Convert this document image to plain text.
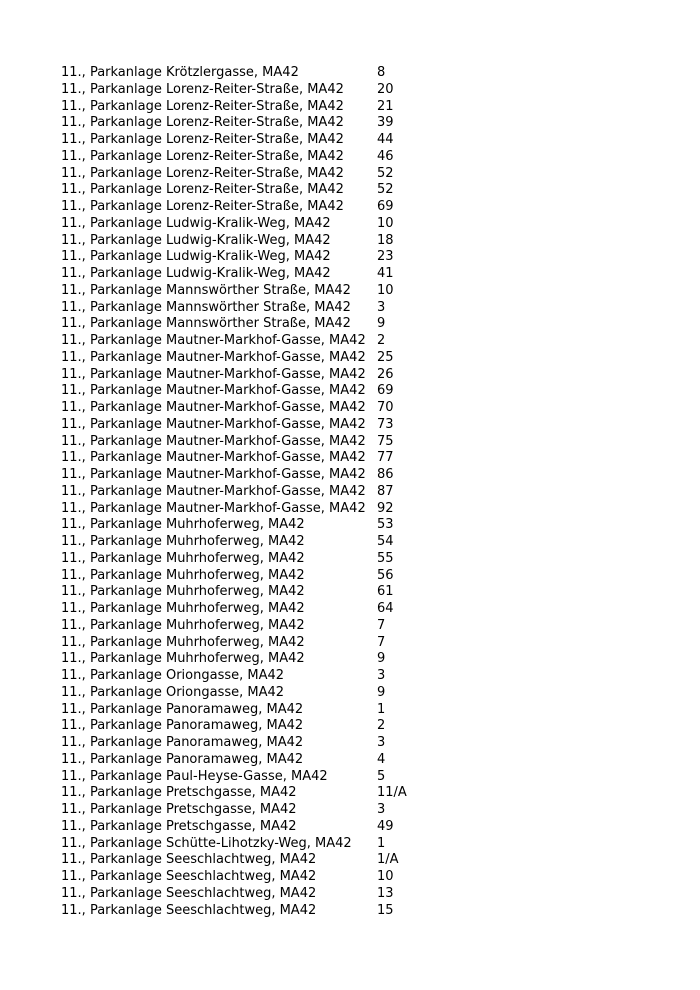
11., Parkanlage Krötzlergasse, MA42	8
11., Parkanlage Lorenz-Reiter-Straße, MA42	20
11., Parkanlage Lorenz-Reiter-Straße, MA42	21
11., Parkanlage Lorenz-Reiter-Straße, MA42	39
11., Parkanlage Lorenz-Reiter-Straße, MA42	44
11., Parkanlage Lorenz-Reiter-Straße, MA42	46
11., Parkanlage Lorenz-Reiter-Straße, MA42	52
11., Parkanlage Lorenz-Reiter-Straße, MA42	52
11., Parkanlage Lorenz-Reiter-Straße, MA42	69
11., Parkanlage Ludwig-Kralik-Weg, MA42	10
11., Parkanlage Ludwig-Kralik-Weg, MA42	18
11., Parkanlage Ludwig-Kralik-Weg, MA42	23
11., Parkanlage Ludwig-Kralik-Weg, MA42	41
11., Parkanlage Mannswörther Straße, MA42	10
11., Parkanlage Mannswörther Straße, MA42	3
11., Parkanlage Mannswörther Straße, MA42	9
11., Parkanlage Mautner-Markhof-Gasse, MA42 2
11., Parkanlage Mautner-Markhof-Gasse, MA42 25
11., Parkanlage Mautner-Markhof-Gasse, MA42 26
11., Parkanlage Mautner-Markhof-Gasse, MA42 69
11., Parkanlage Mautner-Markhof-Gasse, MA42 70
11., Parkanlage Mautner-Markhof-Gasse, MA42 73
11., Parkanlage Mautner-Markhof-Gasse, MA42 75
11., Parkanlage Mautner-Markhof-Gasse, MA42 77
11., Parkanlage Mautner-Markhof-Gasse, MA42 86
11., Parkanlage Mautner-Markhof-Gasse, MA42 87
11., Parkanlage Mautner-Markhof-Gasse, MA42 92
11., Parkanlage Muhrhoferweg, MA42	53
11., Parkanlage Muhrhoferweg, MA42	54
11., Parkanlage Muhrhoferweg, MA42	55
11., Parkanlage Muhrhoferweg, MA42	56
11., Parkanlage Muhrhoferweg, MA42	61
11., Parkanlage Muhrhoferweg, MA42	64
11., Parkanlage Muhrhoferweg, MA42	7
11., Parkanlage Muhrhoferweg, MA42	7
11., Parkanlage Muhrhoferweg, MA42	9
11., Parkanlage Oriongasse, MA42	3
11., Parkanlage Oriongasse, MA42	9
11., Parkanlage Panoramaweg, MA42	1
11., Parkanlage Panoramaweg, MA42	2
11., Parkanlage Panoramaweg, MA42	3
11., Parkanlage Panoramaweg, MA42	4
11., Parkanlage Paul-Heyse-Gasse, MA42	5
11., Parkanlage Pretschgasse, MA42	11/A
11., Parkanlage Pretschgasse, MA42	3
11., Parkanlage Pretschgasse, MA42	49
11., Parkanlage Schütte-Lihotzky-Weg, MA42	1
11., Parkanlage Seeschlachtweg, MA42	1/A
11., Parkanlage Seeschlachtweg, MA42	10
11., Parkanlage Seeschlachtweg, MA42	13
11., Parkanlage Seeschlachtweg, MA42	15
